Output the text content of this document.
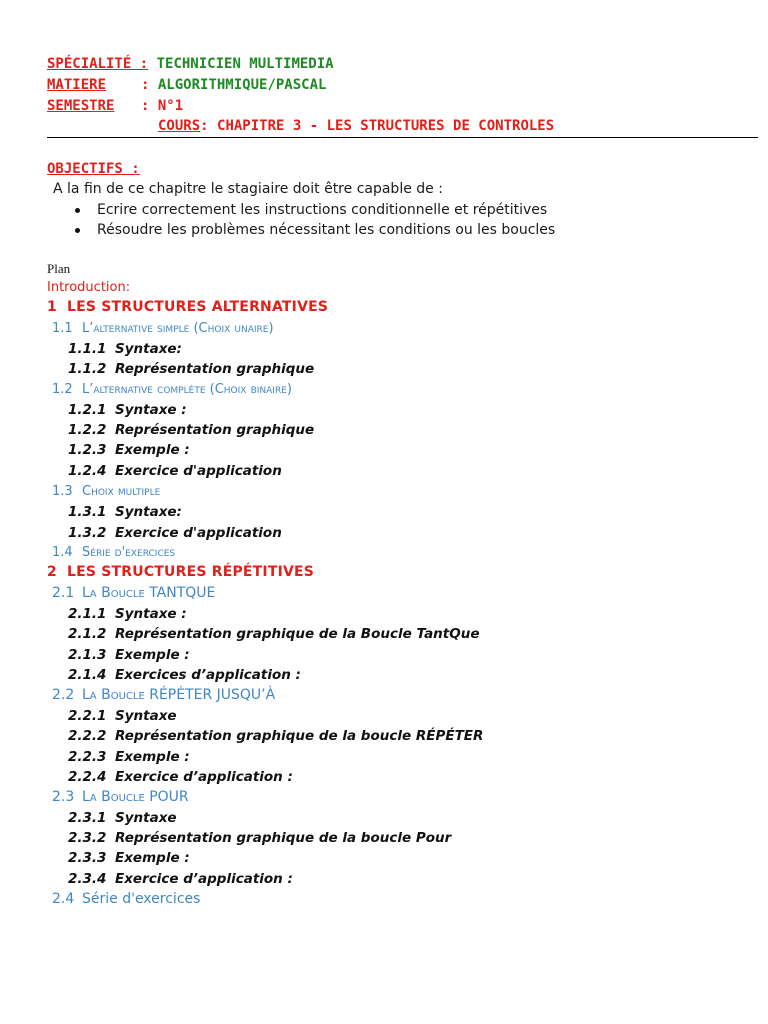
SPÉCIALITÉ : TECHNICIEN MULTIMEDIA
MATIERE : ALGORITHMIQUE/PASCAL
SEMESTRE : N°1
COURS: CHAPITRE 3 - LES STRUCTURES DE CONTROLES
OBJECTIFS :
A la fin de ce chapitre le stagiaire doit être capable de :
Ecrire correctement les instructions conditionnelle et répétitives
Résoudre les problèmes nécessitant les conditions ou les boucles
Plan
Introduction:
1 LES STRUCTURES ALTERNATIVES
1.1 L’alternative simple (Choix unaire)
1.1.1 Syntaxe:
1.1.2 Représentation graphique
1.2 L’alternative complète (Choix binaire)
1.2.1 Syntaxe :
1.2.2 Représentation graphique
1.2.3 Exemple :
1.2.4 Exercice d'application
1.3 Choix multiple
1.3.1 Syntaxe:
1.3.2 Exercice d'application
1.4 Série d'exercices
2 LES STRUCTURES RÉPÉTITIVES
2.1 La Boucle TANTQUE
2.1.1 Syntaxe :
2.1.2 Représentation graphique de la Boucle TantQue
2.1.3 Exemple :
2.1.4 Exercices d’application :
2.2 La Boucle RÉPÉTER JUSQU’À
2.2.1 Syntaxe
2.2.2 Représentation graphique de la boucle RÉPÉTER
2.2.3 Exemple :
2.2.4 Exercice d’application :
2.3 La Boucle POUR
2.3.1 Syntaxe
2.3.2 Représentation graphique de la boucle Pour
2.3.3 Exemple :
2.3.4 Exercice d’application :
2.4 Série d'exercices
